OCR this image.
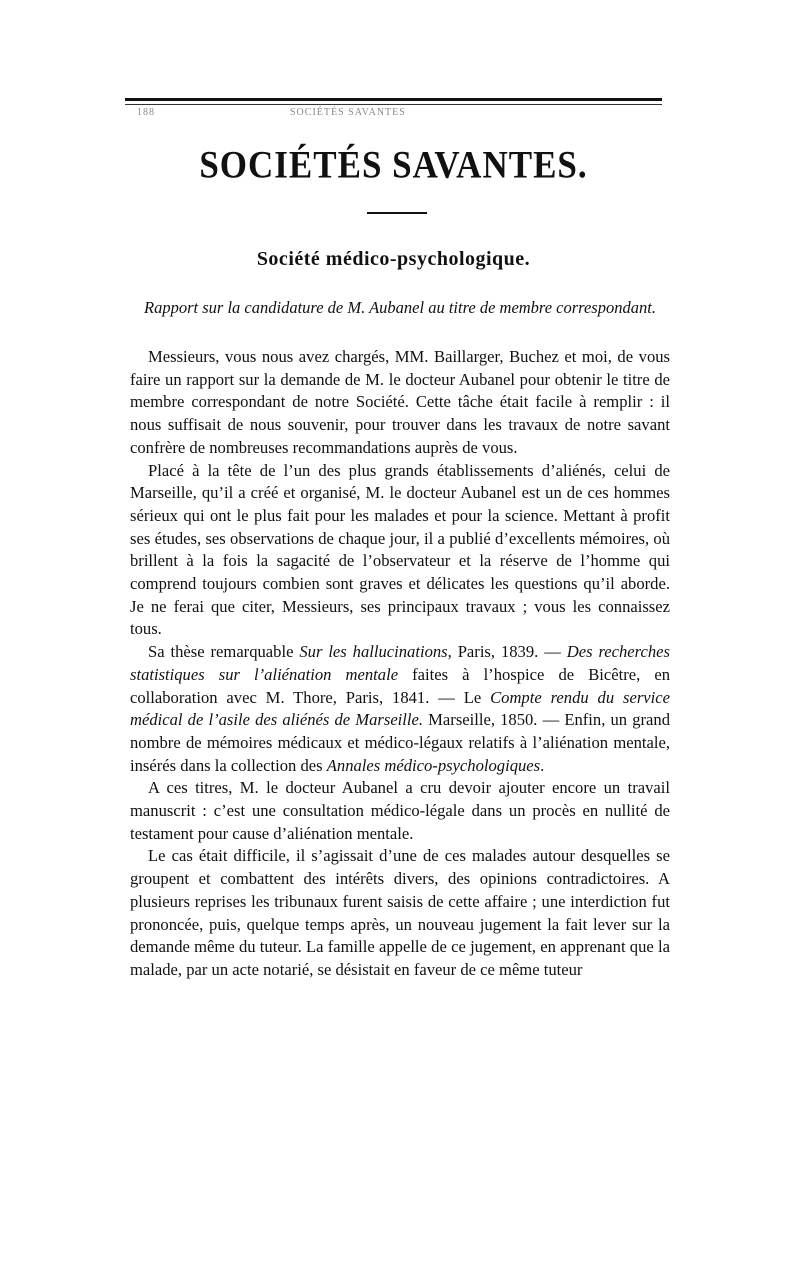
188	SOCIÉTÉS SAVANTES
SOCIÉTÉS SAVANTES.
Société médico-psychologique.
Rapport sur la candidature de M. Aubanel au titre de membre correspondant.

Messieurs, vous nous avez chargés, MM. Baillarger, Buchez et moi, de vous faire un rapport sur la demande de M. le docteur Aubanel pour obtenir le titre de membre correspondant de notre Société. Cette tâche était facile à remplir : il nous suffisait de nous souvenir, pour trouver dans les travaux de notre savant confrère de nombreuses recommandations auprès de vous.

Placé à la tête de l’un des plus grands établissements d’aliénés, celui de Marseille, qu’il a créé et organisé, M. le docteur Aubanel est un de ces hommes sérieux qui ont le plus fait pour les malades et pour la science. Mettant à profit ses études, ses observations de chaque jour, il a publié d’excellents mémoires, où brillent à la fois la sagacité de l’observateur et la réserve de l’homme qui comprend toujours combien sont graves et délicates les questions qu’il aborde. Je ne ferai que citer, Messieurs, ses principaux travaux ; vous les connaissez tous.

Sa thèse remarquable Sur les hallucinations, Paris, 1839. — Des recherches statistiques sur l’aliénation mentale faites à l’hospice de Bicêtre, en collaboration avec M. Thore, Paris, 1841. — Le Compte rendu du service médical de l’asile des aliénés de Marseille. Marseille, 1850. — Enfin, un grand nombre de mémoires médicaux et médico-légaux relatifs à l’aliénation mentale, insérés dans la collection des Annales médico-psychologiques.

A ces titres, M. le docteur Aubanel a cru devoir ajouter encore un travail manuscrit : c’est une consultation médico-légale dans un procès en nullité de testament pour cause d’aliénation mentale.

Le cas était difficile, il s’agissait d’une de ces malades autour desquelles se groupent et combattent des intérêts divers, des opinions contradictoires. A plusieurs reprises les tribunaux furent saisis de cette affaire ; une interdiction fut prononcée, puis, quelque temps après, un nouveau jugement la fait lever sur la demande même du tuteur. La famille appelle de ce jugement, en apprenant que la malade, par un acte notarié, se désistait en faveur de ce même tuteur
